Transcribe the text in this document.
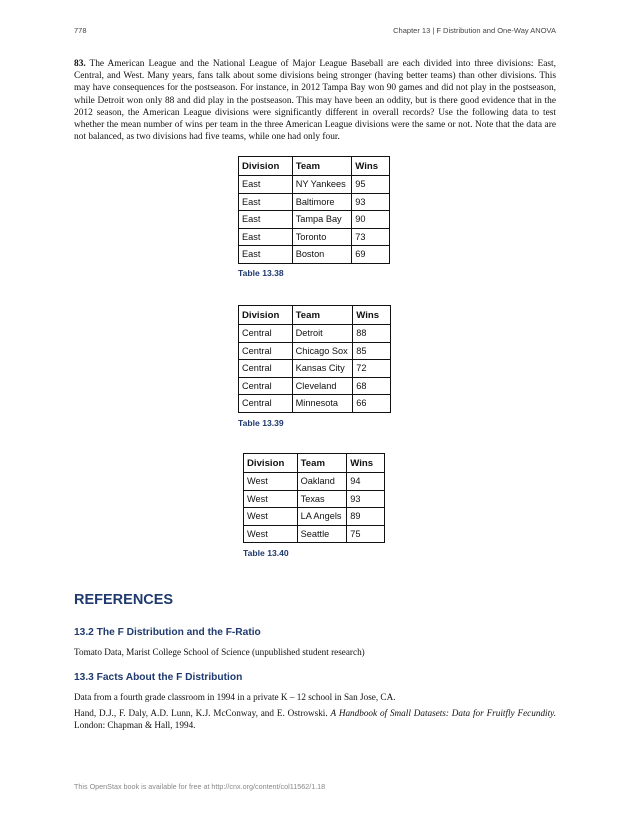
778	Chapter 13 | F Distribution and One-Way ANOVA
83. The American League and the National League of Major League Baseball are each divided into three divisions: East, Central, and West. Many years, fans talk about some divisions being stronger (having better teams) than other divisions. This may have consequences for the postseason. For instance, in 2012 Tampa Bay won 90 games and did not play in the postseason, while Detroit won only 88 and did play in the postseason. This may have been an oddity, but is there good evidence that in the 2012 season, the American League divisions were significantly different in overall records? Use the following data to test whether the mean number of wins per team in the three American League divisions were the same or not. Note that the data are not balanced, as two divisions had five teams, while one had only four.
Division	Team	Wins
East	NY Yankees	95
East	Baltimore	93
East	Tampa Bay	90
East	Toronto	73
East	Boston	69
Table 13.38
Division	Team	Wins
Central	Detroit	88
Central	Chicago Sox	85
Central	Kansas City	72
Central	Cleveland	68
Central	Minnesota	66
Table 13.39
Division	Team	Wins
West	Oakland	94
West	Texas	93
West	LA Angels	89
West	Seattle	75
Table 13.40
REFERENCES
13.2 The F Distribution and the F-Ratio
Tomato Data, Marist College School of Science (unpublished student research)
13.3 Facts About the F Distribution
Data from a fourth grade classroom in 1994 in a private K – 12 school in San Jose, CA.
Hand, D.J., F. Daly, A.D. Lunn, K.J. McConway, and E. Ostrowski. A Handbook of Small Datasets: Data for Fruitfly Fecundity. London: Chapman & Hall, 1994.
This OpenStax book is available for free at http://cnx.org/content/col11562/1.18
